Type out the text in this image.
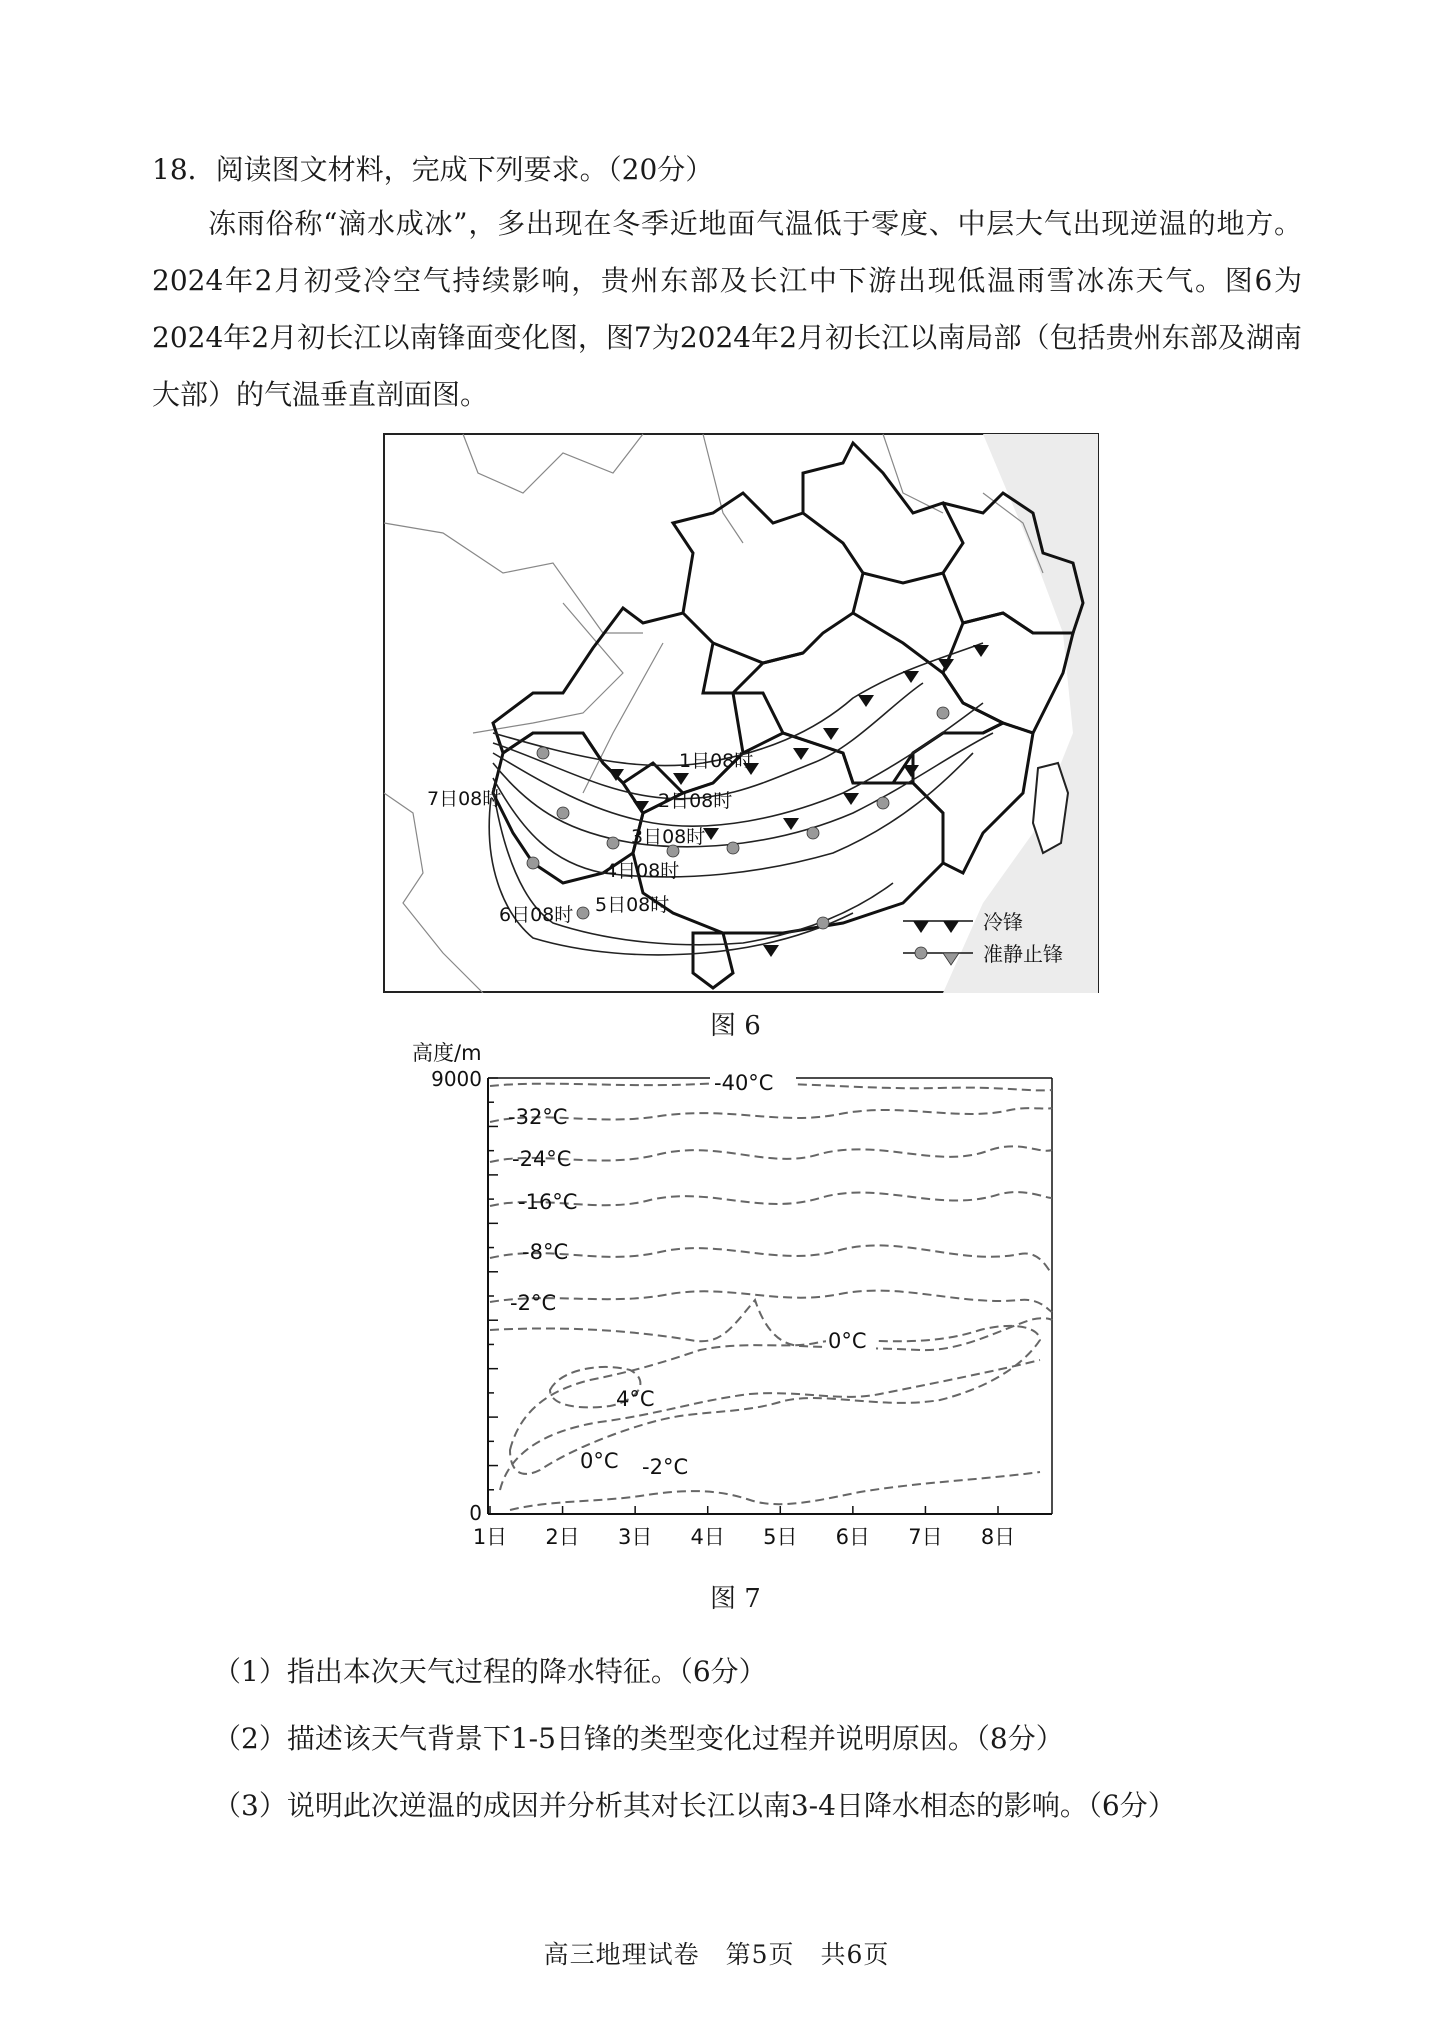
18．阅读图文材料，完成下列要求。（20分）

冻雨俗称“滴水成冰”，多出现在冬季近地面气温低于零度、中层大气出现逆温的地方。2024年2月初受冷空气持续影响，贵州东部及长江中下游出现低温雨雪冰冻天气。图6为2024年2月初长江以南锋面变化图，图7为2024年2月初长江以南局部（包括贵州东部及湖南大部）的气温垂直剖面图。

1日08时
2日08时
3日08时
4日08时
5日08时
6日08时
7日08时
冷锋
准静止锋
图 6
高度/m
9000
0
1日 2日 3日 4日 5日 6日 7日 8日
-40°C
-32°C
-24°C
-16°C
-8°C
-2°C
0°C
4°C
0°C -2°C
图 7
（1）指出本次天气过程的降水特征。（6分）
（2）描述该天气背景下1-5日锋的类型变化过程并说明原因。（8分）
（3）说明此次逆温的成因并分析其对长江以南3-4日降水相态的影响。（6分）
高三地理试卷　第5页　共6页
